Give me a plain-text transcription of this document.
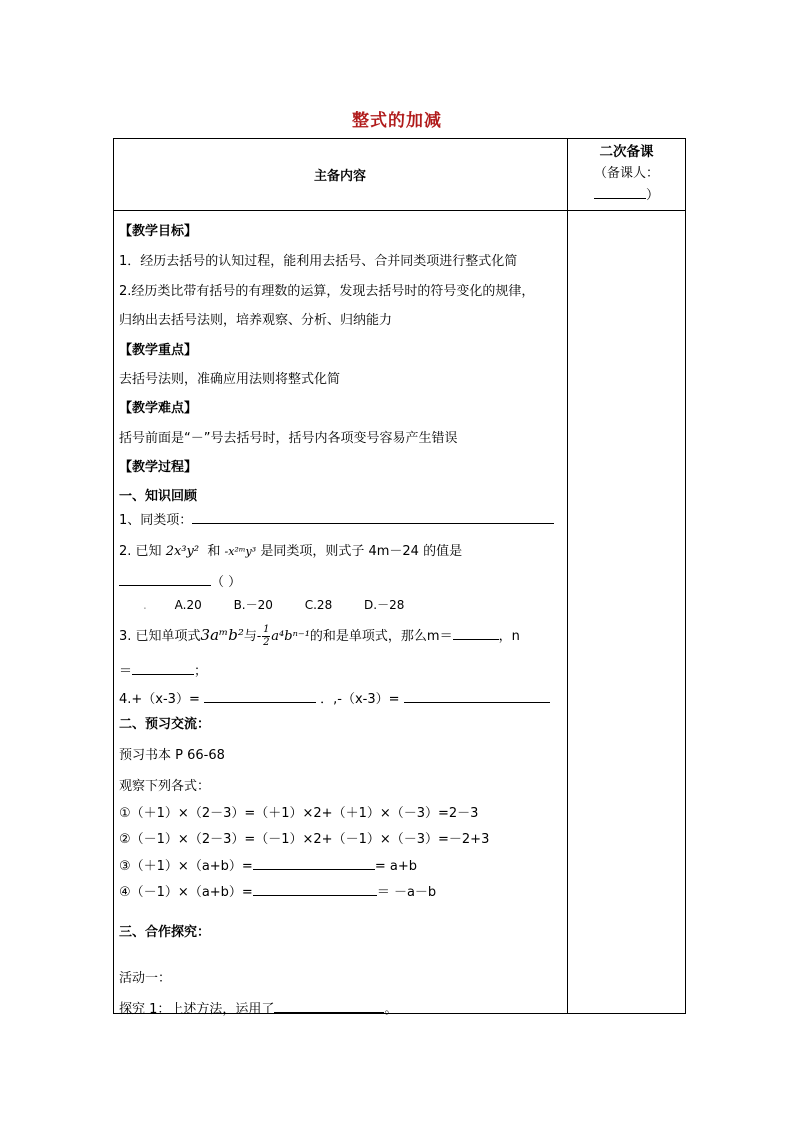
整式的加减
主备内容
二次备课
（备课人：
）
【教学目标】
1．经历去括号的认知过程，能利用去括号、合并同类项进行整式化简
2.经历类比带有括号的有理数的运算，发现去括号时的符号变化的规律，
归纳出去括号法则，培养观察、分析、归纳能力
【教学重点】
去括号法则，准确应用法则将整式化简
【教学难点】
括号前面是“－”号去括号时，括号内各项变号容易产生错误
【教学过程】
一、知识回顾
1、同类项：
2. 已知 2x³y² 和 -x²ᵐy³ 是同类项，则式子 4m－24 的值是
（ ）
. A.20	B.－20	C.28	D.－28
3. 已知单项式3aᵐb²与- $\frac{1}{2} a^4b^{n-1}$的和是单项式，那么m＝	，n
＝	；
4.+（x-3）=	．,-（x-3）=
二、预习交流：
预习书本 P 66-68
观察下列各式：
①（＋1）×（2－3）=（＋1）×2+（＋1）×（－3）=2－3
②（－1）×（2－3）=（－1）×2+（－1）×（－3）=－2+3
③（＋1）×（a+b）=	= a+b
④（－1）×（a+b）=	＝ －a－b
三、合作探究：
活动一：
探究 1：上述方法，运用了	。
